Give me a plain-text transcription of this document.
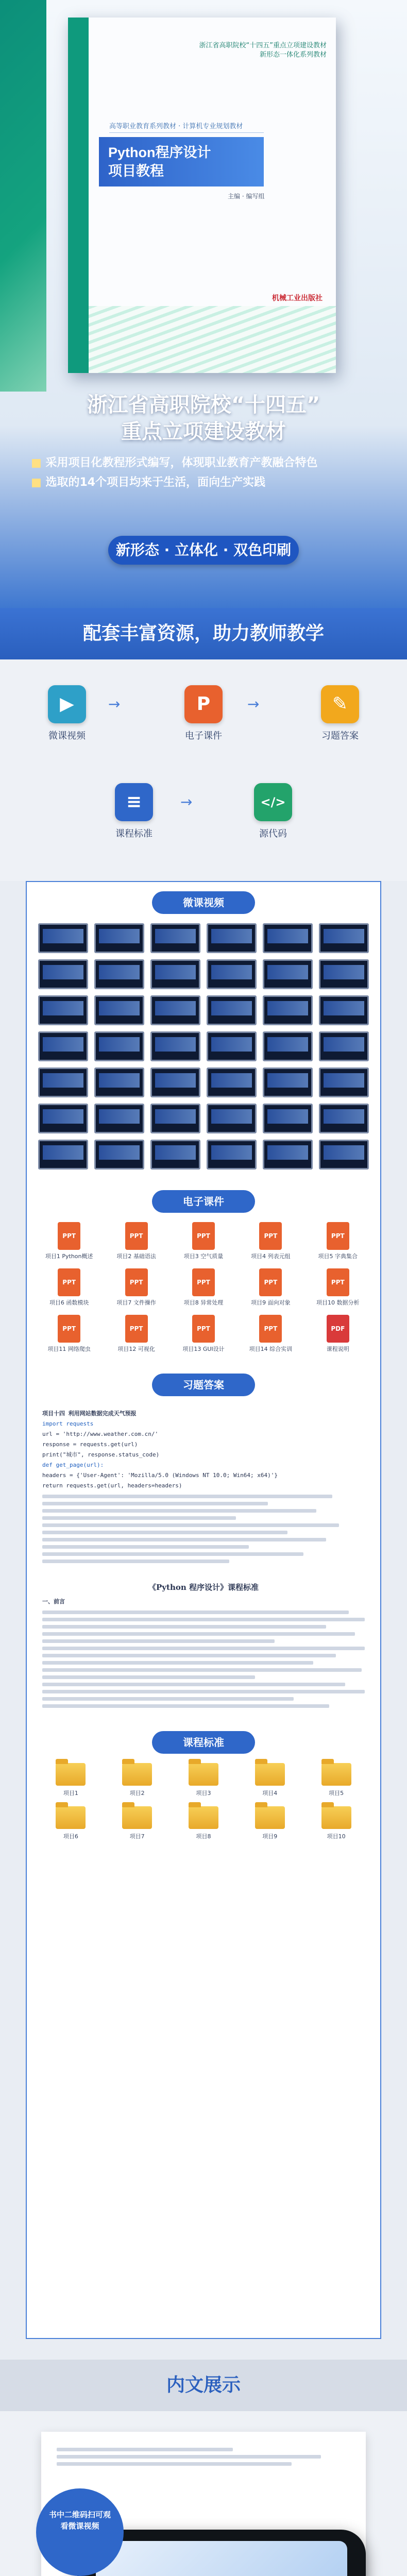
浙江省高职院校“十四五”重点立项建设教材
新形态一体化系列教材
高等职业教育系列教材 · 计算机专业规划教材
Python程序设计
项目教程
主编 · 编写组
机械工业出版社
浙江省高职院校“十四五”
重点立项建设教材
■ 采用项目化教程形式编写，体现职业教育产教融合特色
■ 选取的14个项目均来于生活，面向生产实践
新形态 · 立体化 · 双色印刷
配套丰富资源，助力教师教学
▶
微课视频
→	P
电子课件
→	✎
习题答案
≡
课程标准
→	</>
源代码
微课视频
电子课件
PPT
项目1 Python概述
PPT
项目2 基础语法
PPT
项目3 空气质量
PPT
项目4 列表元组
PPT
项目5 字典集合
PPT
项目6 函数模块
PPT
项目7 文件操作
PPT
项目8 异常处理
PPT
项目9 面向对象
PPT
项目10 数据分析
PPT
项目11 网络爬虫
PPT
项目12 可视化
PPT
项目13 GUI设计
PPT
项目14 综合实训
PDF
课程说明
习题答案
项目十四 利用网站数据完成天气预报
import requests
url = 'http://www.weather.com.cn/'
response = requests.get(url)
print("城市", response.status_code)
def get_page(url):
headers = {'User-Agent': 'Mozilla/5.0 (Windows NT 10.0; Win64; x64)'}
return requests.get(url, headers=headers)
《Python 程序设计》课程标准
一、前言
课程标准
项目1	项目2	项目3	项目4	项目5
项目6	项目7	项目8	项目9	项目10
内文展示
书中二维码扫可观看微课视频
